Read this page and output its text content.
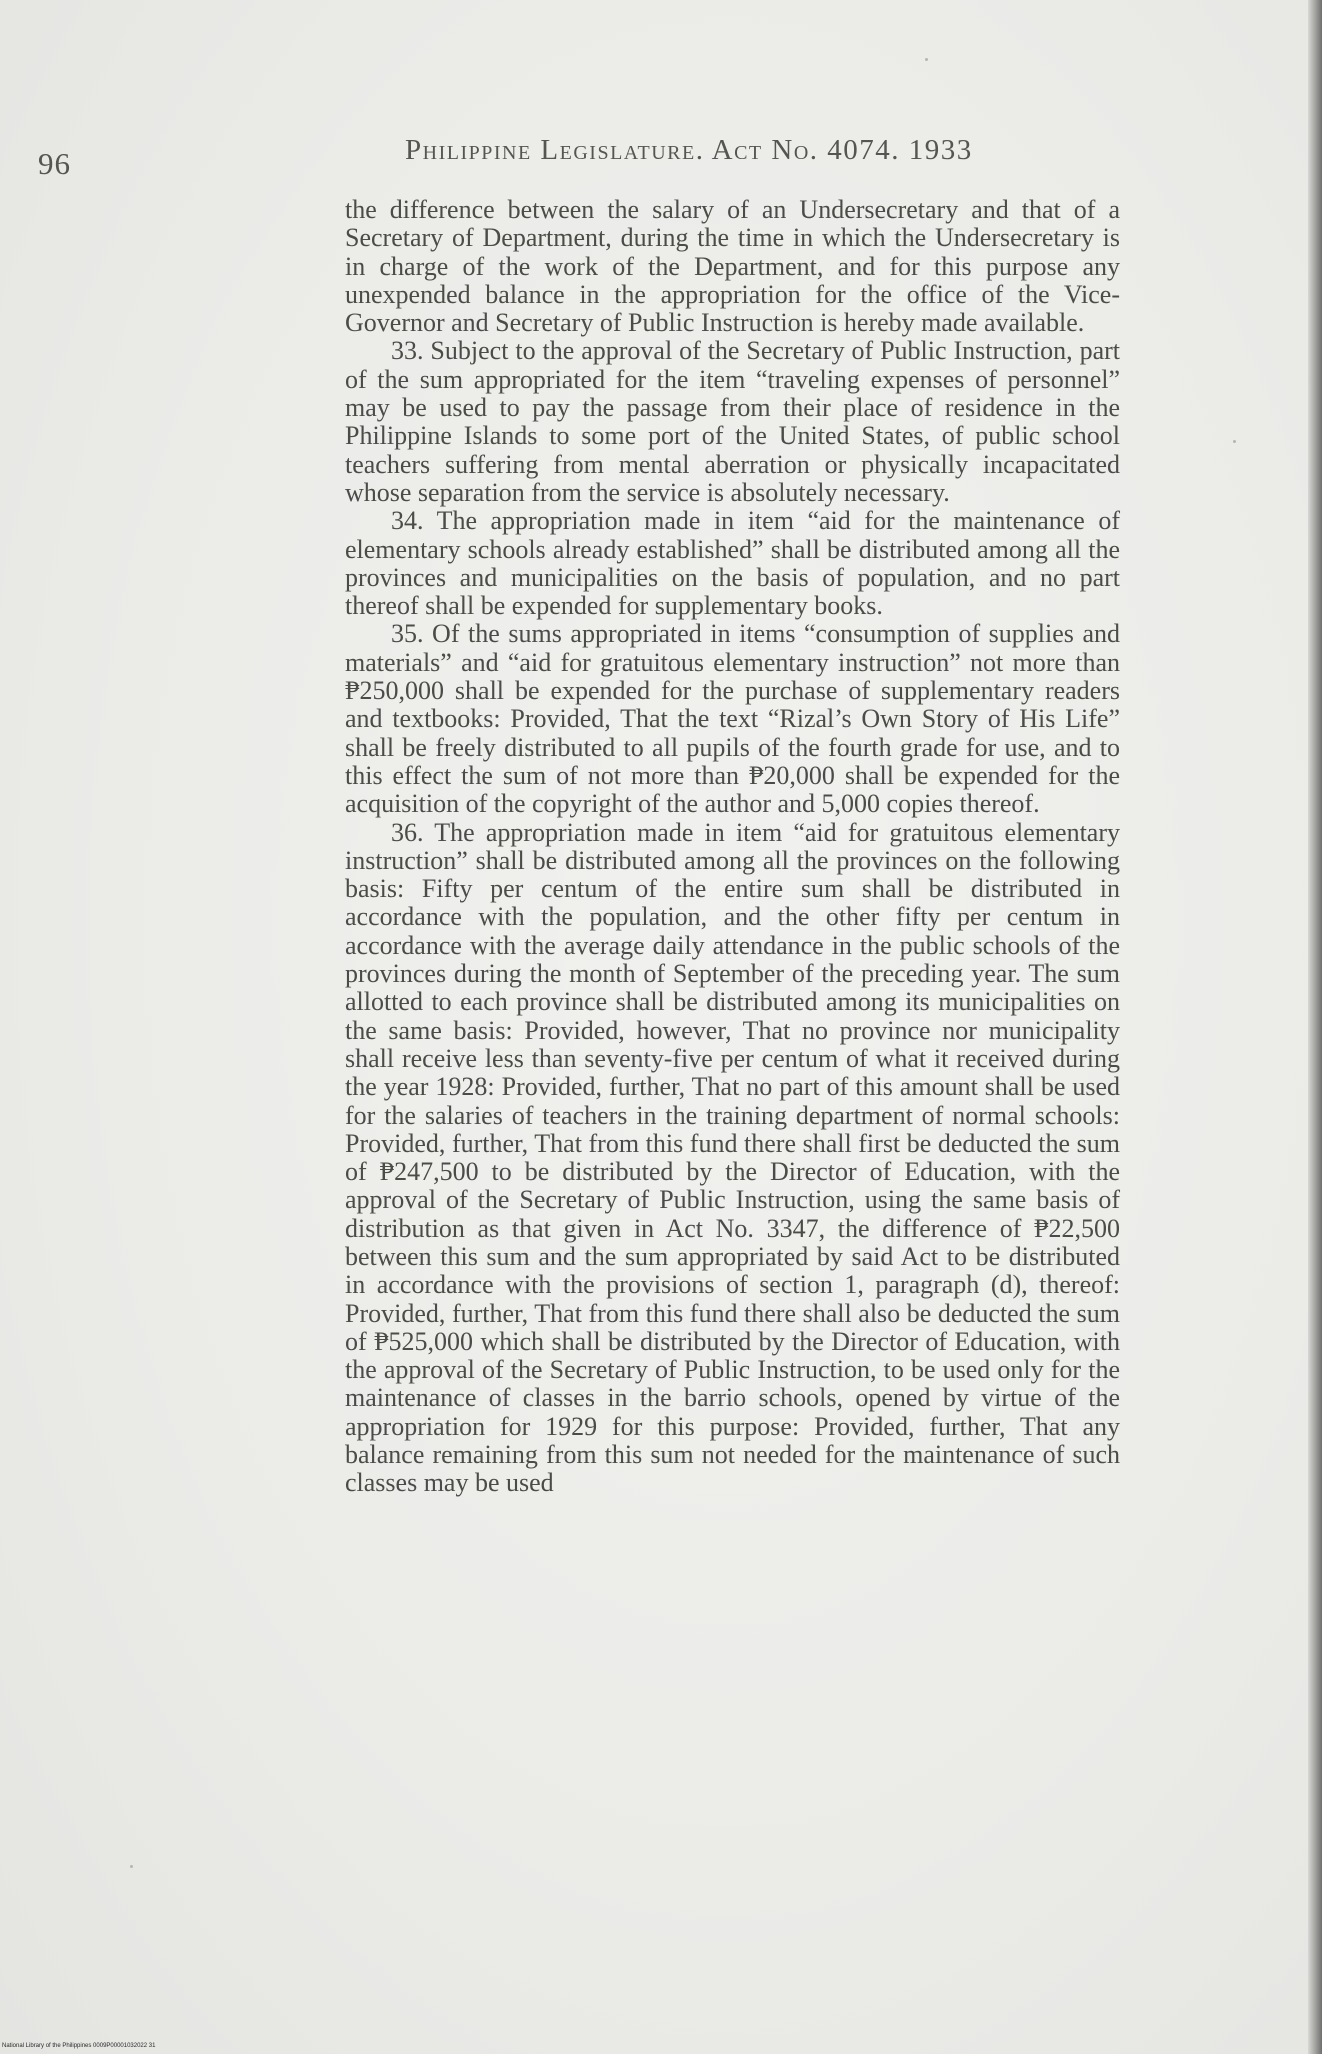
96	Philippine Legislature. Act No. 4074. 1933

the difference between the salary of an Undersecretary and that of a Secretary of Department, during the time in which the Undersecretary is in charge of the work of the Department, and for this purpose any unexpended balance in the appropriation for the office of the Vice-Governor and Secretary of Public Instruction is hereby made available.

33. Subject to the approval of the Secretary of Public Instruction, part of the sum appropriated for the item “traveling expenses of personnel” may be used to pay the passage from their place of residence in the Philippine Islands to some port of the United States, of public school teachers suffering from mental aberration or physically incapacitated whose separation from the service is absolutely necessary.

34. The appropriation made in item “aid for the maintenance of elementary schools already established” shall be distributed among all the provinces and municipalities on the basis of population, and no part thereof shall be expended for supplementary books.

35. Of the sums appropriated in items “consumption of supplies and materials” and “aid for gratuitous elementary instruction” not more than ₱250,000 shall be expended for the purchase of supplementary readers and textbooks: Provided, That the text “Rizal’s Own Story of His Life” shall be freely distributed to all pupils of the fourth grade for use, and to this effect the sum of not more than ₱20,000 shall be expended for the acquisition of the copyright of the author and 5,000 copies thereof.

36. The appropriation made in item “aid for gratuitous elementary instruction” shall be distributed among all the provinces on the following basis: Fifty per centum of the entire sum shall be distributed in accordance with the population, and the other fifty per centum in accordance with the average daily attendance in the public schools of the provinces during the month of September of the preceding year. The sum allotted to each province shall be distributed among its municipalities on the same basis: Provided, however, That no province nor municipality shall receive less than seventy-five per centum of what it received during the year 1928: Provided, further, That no part of this amount shall be used for the salaries of teachers in the training department of normal schools: Provided, further, That from this fund there shall first be deducted the sum of ₱247,500 to be distributed by the Director of Education, with the approval of the Secretary of Public Instruction, using the same basis of distribution as that given in Act No. 3347, the difference of ₱22,500 between this sum and the sum appropriated by said Act to be distributed in accordance with the provisions of section 1, paragraph (d), thereof: Provided, further, That from this fund there shall also be deducted the sum of ₱525,000 which shall be distributed by the Director of Education, with the approval of the Secretary of Public Instruction, to be used only for the maintenance of classes in the barrio schools, opened by virtue of the appropriation for 1929 for this purpose: Provided, further, That any balance remaining from this sum not needed for the maintenance of such classes may be used

National Library of the Philippines 0009P00001032022 31
